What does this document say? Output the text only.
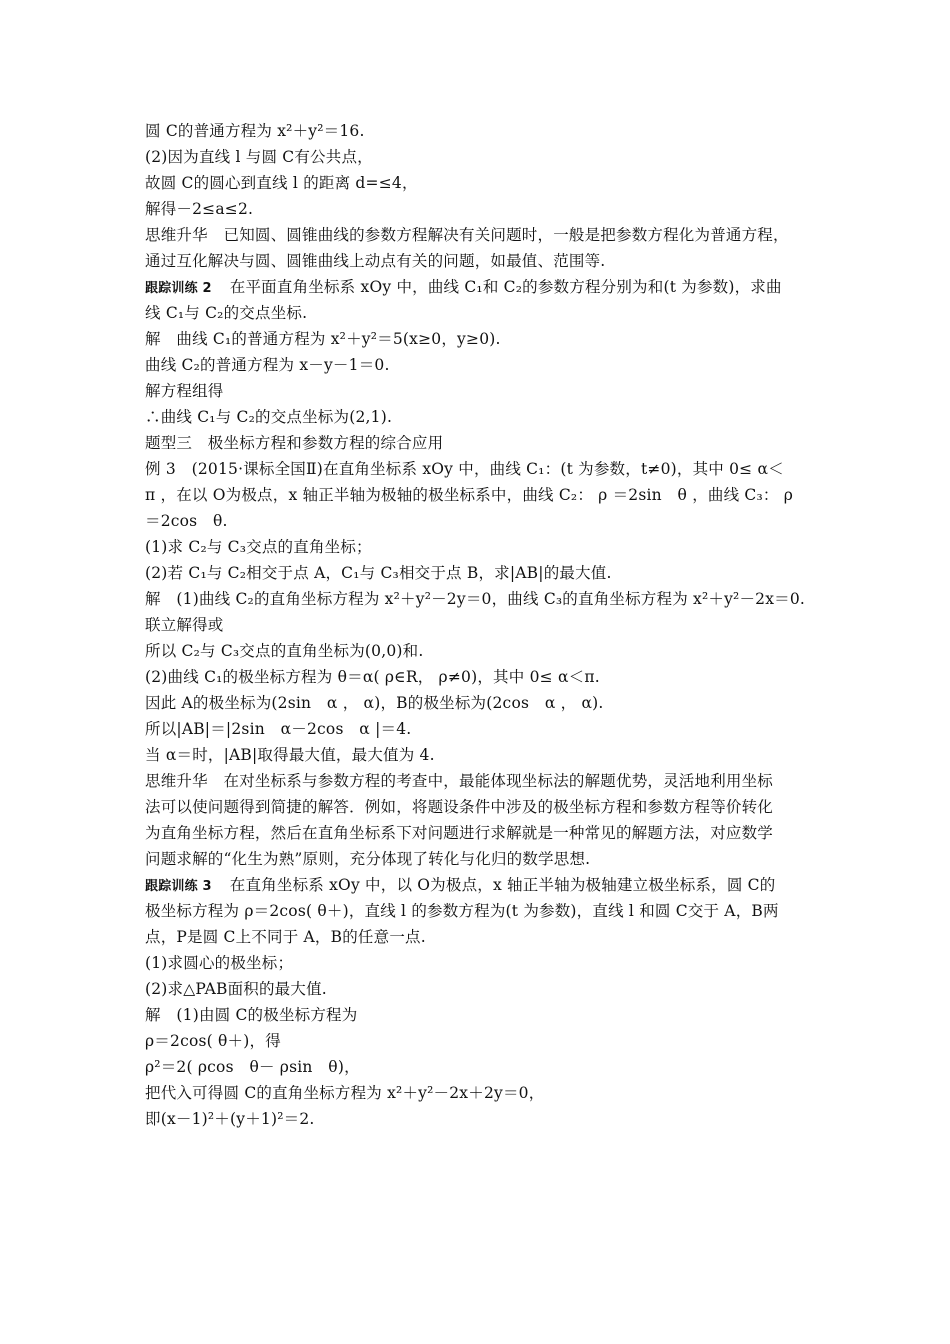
圆 C的普通方程为 x²＋y²＝16.
(2)因为直线 l 与圆 C有公共点，
故圆 C的圆心到直线 l 的距离 d=≤4，
解得－2≤a≤2.
思维升华　已知圆、圆锥曲线的参数方程解决有关问题时，一般是把参数方程化为普通方程，
通过互化解决与圆、圆锥曲线上动点有关的问题，如最值、范围等.
跟踪训练 2 在平面直角坐标系 xOy 中，曲线 C₁和 C₂的参数方程分别为和(t 为参数)，求曲
线 C₁与 C₂的交点坐标.
解　曲线 C₁的普通方程为 x²＋y²＝5(x≥0，y≥0).
曲线 C₂的普通方程为 x－y－1＝0.
解方程组得
∴曲线 C₁与 C₂的交点坐标为(2,1).
题型三　极坐标方程和参数方程的综合应用
例 3　(2015·课标全国Ⅱ)在直角坐标系 xOy 中，曲线 C₁：(t 为参数，t≠0)，其中 0≤ α＜
π ，在以 O为极点，x 轴正半轴为极轴的极坐标系中，曲线 C₂： ρ ＝2sin　θ ，曲线 C₃： ρ
＝2cos　θ.
(1)求 C₂与 C₃交点的直角坐标；
(2)若 C₁与 C₂相交于点 A，C₁与 C₃相交于点 B，求|AB|的最大值.
解　(1)曲线 C₂的直角坐标方程为 x²＋y²－2y＝0，曲线 C₃的直角坐标方程为 x²＋y²－2x＝0.
联立解得或
所以 C₂与 C₃交点的直角坐标为(0,0)和.
(2)曲线 C₁的极坐标方程为 θ＝α( ρ∈R， ρ≠0)，其中 0≤ α＜π.
因此 A的极坐标为(2sin　α ， α)，B的极坐标为(2cos　α ， α).
所以|AB|＝|2sin　α－2cos　α |＝4.
当 α＝时，|AB|取得最大值，最大值为 4.
思维升华　在对坐标系与参数方程的考查中，最能体现坐标法的解题优势，灵活地利用坐标
法可以使问题得到简捷的解答．例如，将题设条件中涉及的极坐标方程和参数方程等价转化
为直角坐标方程，然后在直角坐标系下对问题进行求解就是一种常见的解题方法，对应数学
问题求解的“化生为熟”原则，充分体现了转化与化归的数学思想.
跟踪训练 3 在直角坐标系 xOy 中，以 O为极点，x 轴正半轴为极轴建立极坐标系，圆 C的
极坐标方程为 ρ＝2cos( θ＋)，直线 l 的参数方程为(t 为参数)，直线 l 和圆 C交于 A，B两
点，P是圆 C上不同于 A，B的任意一点.
(1)求圆心的极坐标；
(2)求△PAB面积的最大值.
解　(1)由圆 C的极坐标方程为
ρ＝2cos( θ＋)，得
ρ²＝2( ρcos　θ－ ρsin　θ)，
把代入可得圆 C的直角坐标方程为 x²＋y²－2x＋2y＝0，
即(x－1)²＋(y＋1)²＝2.
